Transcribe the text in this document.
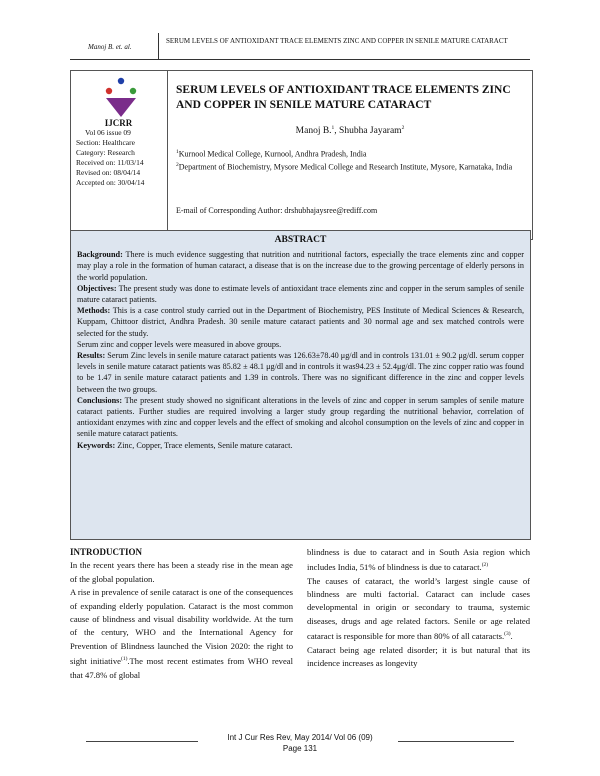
Manoj B. et. al.
SERUM LEVELS OF ANTIOXIDANT TRACE ELEMENTS ZINC AND COPPER IN SENILE MATURE CATARACT
IJCRR
Vol 06 issue 09
Section: Healthcare
Category: Research
Received on: 11/03/14
Revised on: 08/04/14
Accepted on: 30/04/14
SERUM LEVELS OF ANTIOXIDANT TRACE ELEMENTS ZINC AND COPPER IN SENILE MATURE CATARACT
Manoj B.$^1$, Shubha Jayaram$^2$
$^1$Kurnool Medical College, Kurnool, Andhra Pradesh, India
$^2$Department of Biochemistry, Mysore Medical College and Research Institute, Mysore, Karnataka, India
E-mail of Corresponding Author: drshubhajaysree@rediff.com
ABSTRACT

Background: There is much evidence suggesting that nutrition and nutritional factors, especially the trace elements zinc and copper may play a role in the formation of human cataract, a disease that is on the increase due to the growing percentage of elderly persons in the world population.

Objectives: The present study was done to estimate levels of antioxidant trace elements zinc and copper in the serum samples of senile mature cataract patients.

Methods: This is a case control study carried out in the Department of Biochemistry, PES Institute of Medical Sciences & Research, Kuppam, Chittoor district, Andhra Pradesh. 30 senile mature cataract patients and 30 normal age and sex matched controls were selected for the study.

Serum zinc and copper levels were measured in above groups.

Results: Serum Zinc levels in senile mature cataract patients was 126.63±78.40 μg/dl and in controls 131.01 ± 90.2 μg/dl. serum copper levels in senile mature cataract patients was 85.82 ± 48.1 μg/dl and in controls it was94.23 ± 52.4μg/dl. The zinc copper ratio was found to be 1.47 in senile mature cataract patients and 1.39 in controls. There was no significant difference in the zinc and copper levels between the two groups.

Conclusions: The present study showed no significant alterations in the levels of zinc and copper in serum samples of senile mature cataract patients. Further studies are required involving a larger study group regarding the nutritional behavior, correlation of antioxidant enzymes with zinc and copper levels and the effect of smoking and alcohol consumption on the levels of zinc and copper in senile mature cataract patients.

Keywords: Zinc, Copper, Trace elements, Senile mature cataract.

INTRODUCTION

In the recent years there has been a steady rise in the mean age of the global population.

A rise in prevalence of senile cataract is one of the consequences of expanding elderly population. Cataract is the most common cause of blindness and visual disability worldwide. At the turn of the century, WHO and the International Agency for Prevention of Blindness launched the Vision 2020: the right to sight initiative$^{(1)}$.The most recent estimates from WHO reveal that 47.8% of global

blindness is due to cataract and in South Asia region which includes India, 51% of blindness is due to cataract.$^{(2)}$

The causes of cataract, the world’s largest single cause of blindness are multi factorial. Cataract can include cases developmental in origin or secondary to trauma, systemic diseases, drugs and age related factors. Senile or age related cataract is responsible for more than 80% of all cataracts.$^{(3)}$.

Cataract being age related disorder; it is but natural that its incidence increases as longevity

Int J Cur Res Rev, May 2014/ Vol 06 (09)
Page 131
